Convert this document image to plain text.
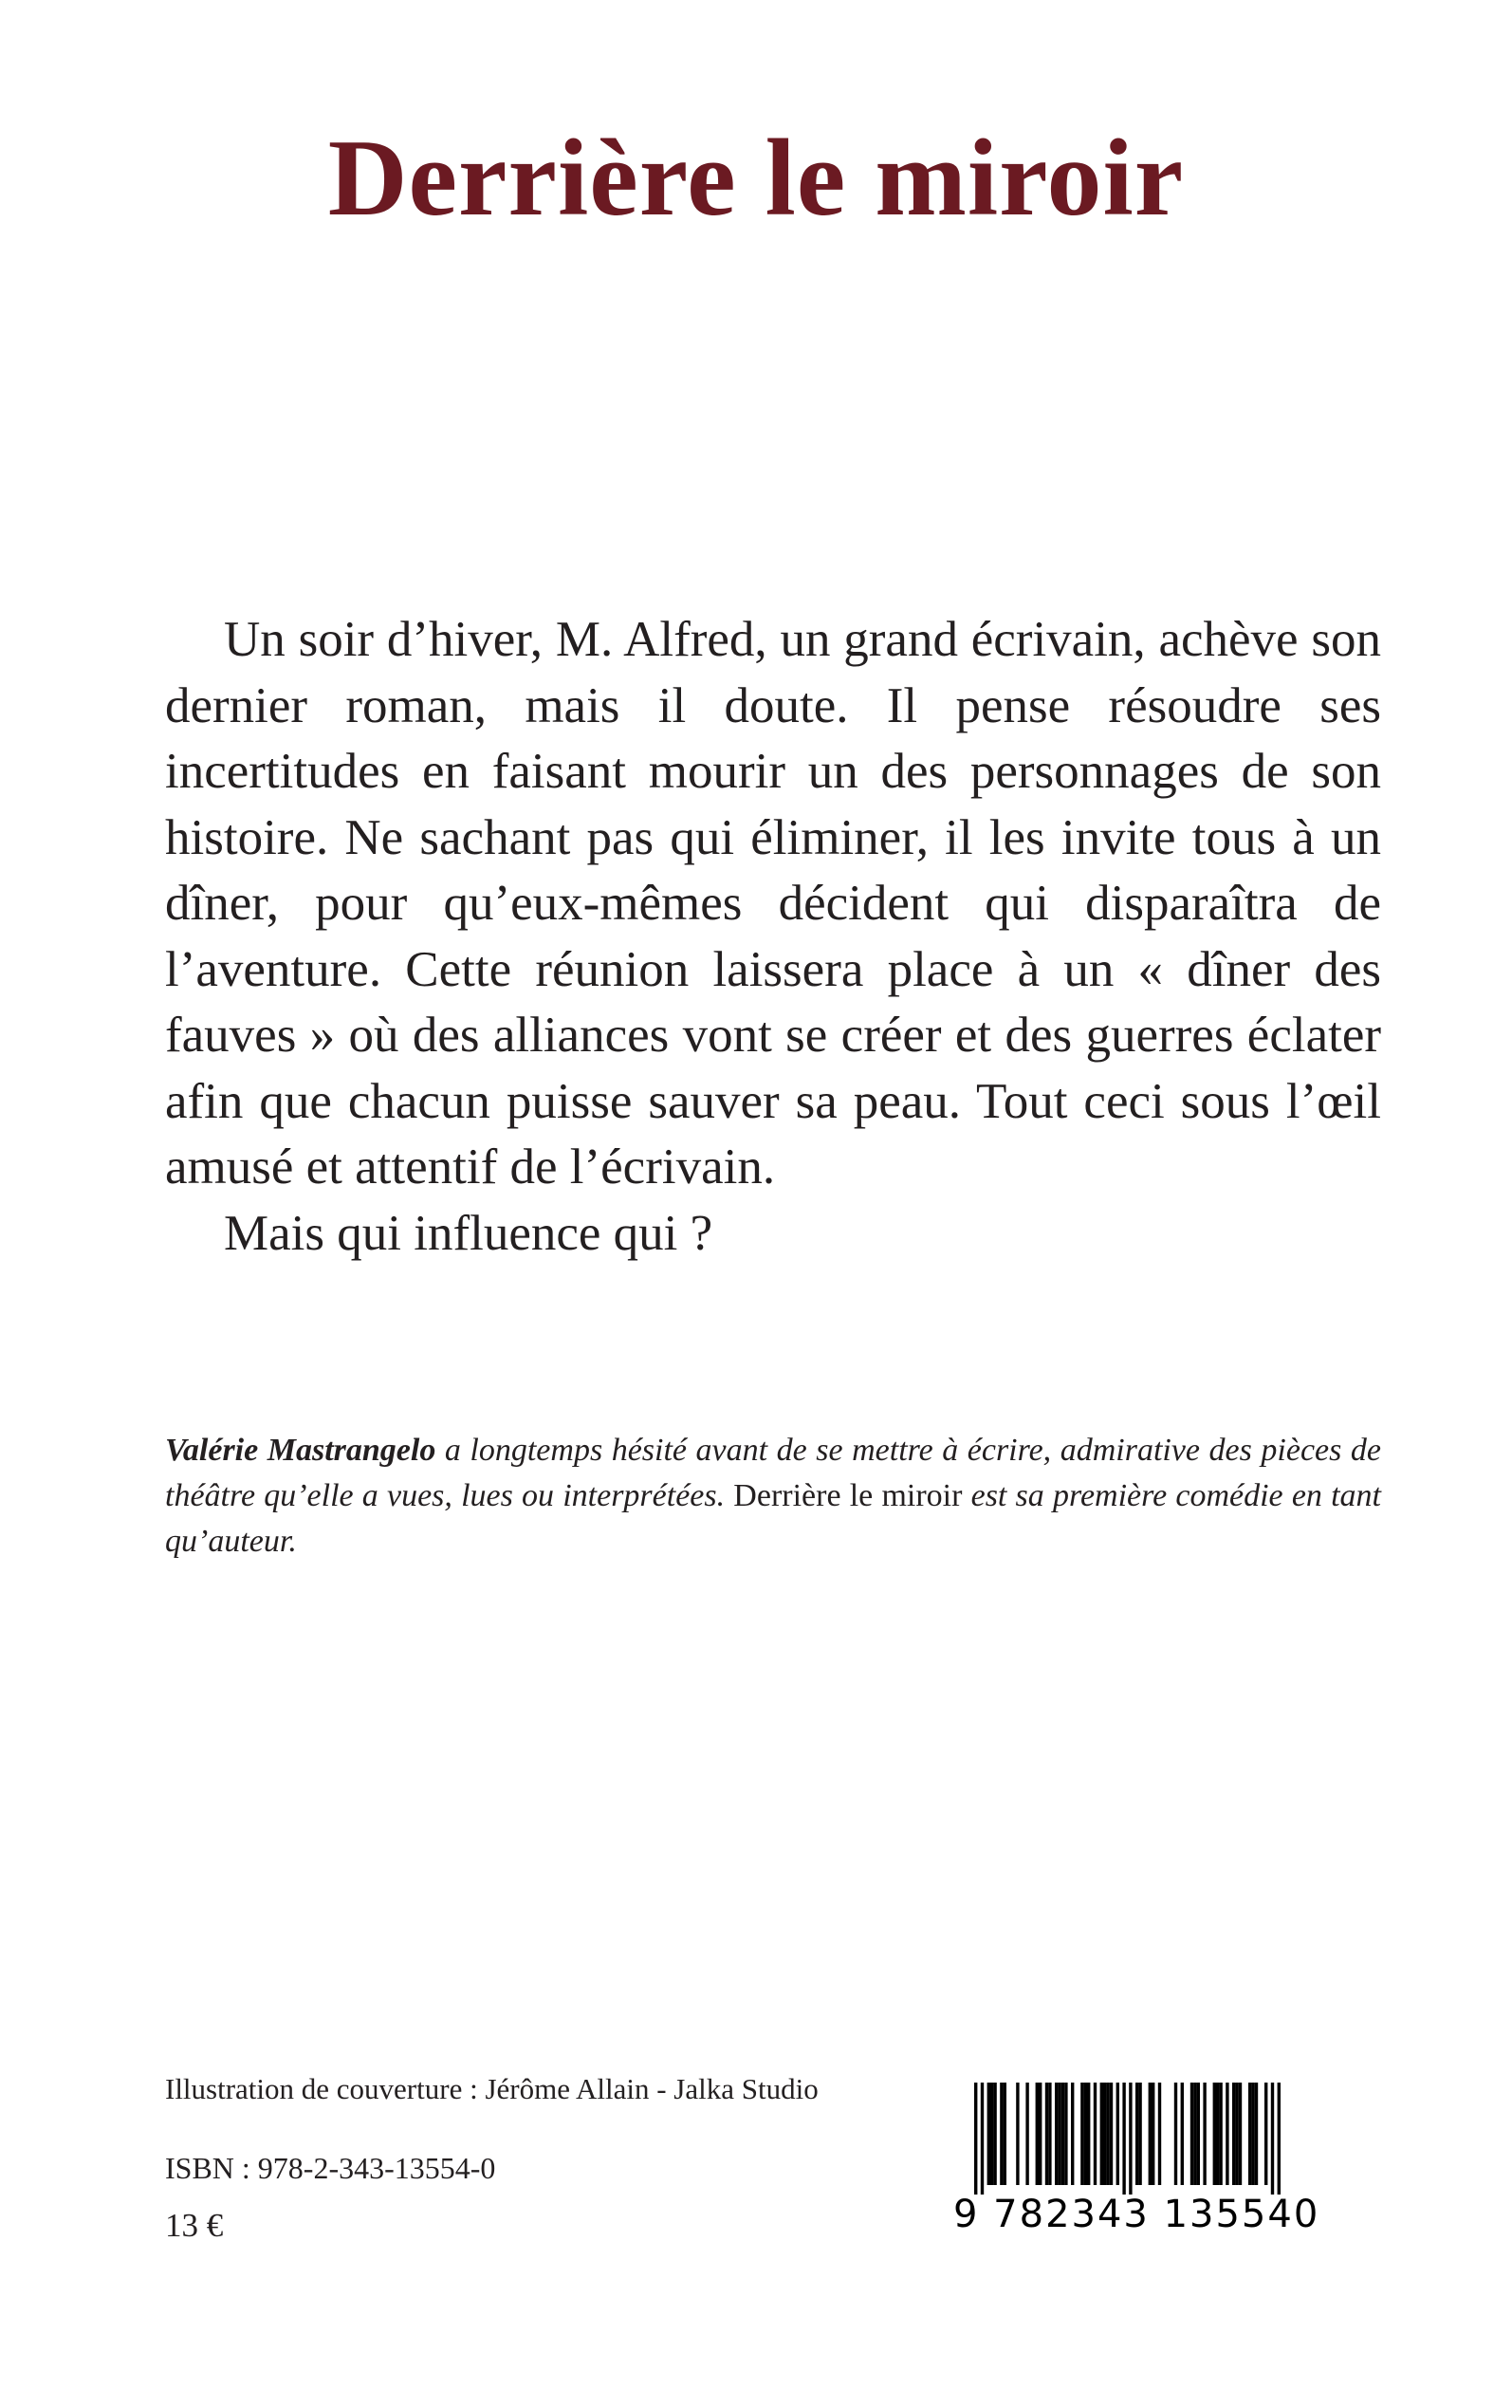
Derrière le miroir

Un soir d’hiver, M. Alfred, un grand écrivain, achève son dernier roman, mais il doute. Il pense résoudre ses incertitudes en faisant mourir un des personnages de son histoire. Ne sachant pas qui éliminer, il les invite tous à un dîner, pour qu’eux-mêmes décident qui disparaîtra de l’aventure. Cette réunion laissera place à un « dîner des fauves » où des alliances vont se créer et des guerres éclater afin que chacun puisse sauver sa peau. Tout ceci sous l’œil amusé et attentif de l’écrivain.

Mais qui influence qui ?

Valérie Mastrangelo a longtemps hésité avant de se mettre à écrire, admirative des pièces de théâtre qu’elle a vues, lues ou interprétées. Derrière le miroir est sa première comédie en tant qu’auteur.

Illustration de couverture : Jérôme Allain - Jalka Studio

ISBN : 978-2-343-13554-0

13 €	9 782343 135540
